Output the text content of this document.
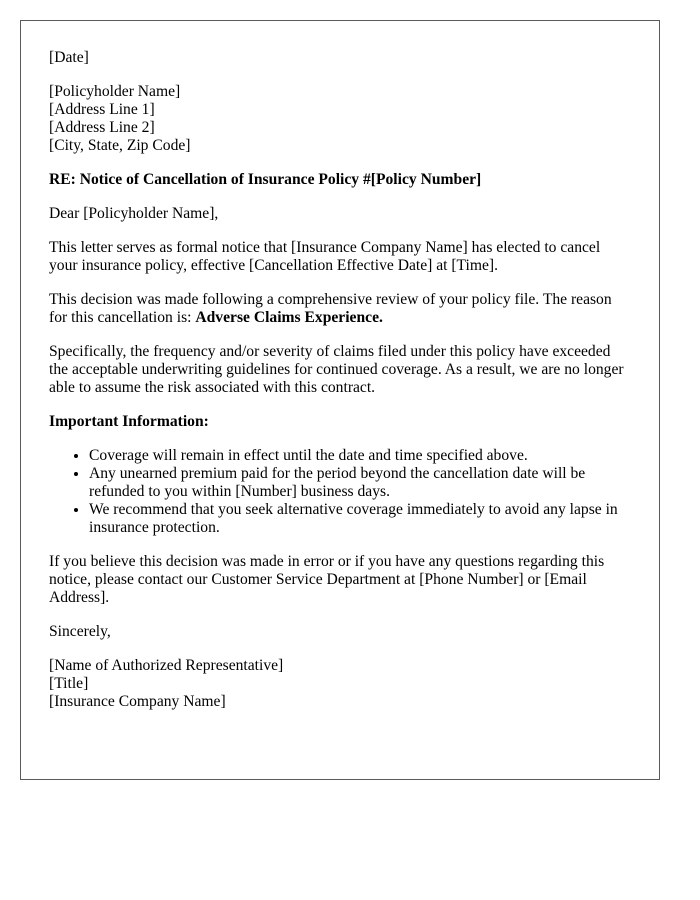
[Date]

[Policyholder Name]
[Address Line 1]
[Address Line 2]
[City, State, Zip Code]

RE: Notice of Cancellation of Insurance Policy #[Policy Number]

Dear [Policyholder Name],

This letter serves as formal notice that [Insurance Company Name] has elected to cancel your insurance policy, effective [Cancellation Effective Date] at [Time].

This decision was made following a comprehensive review of your policy file. The reason for this cancellation is: Adverse Claims Experience.

Specifically, the frequency and/or severity of claims filed under this policy have exceeded the acceptable underwriting guidelines for continued coverage. As a result, we are no longer able to assume the risk associated with this contract.

Important Information:

• Coverage will remain in effect until the date and time specified above.
• Any unearned premium paid for the period beyond the cancellation date will be refunded to you within [Number] business days.
• We recommend that you seek alternative coverage immediately to avoid any lapse in insurance protection.

If you believe this decision was made in error or if you have any questions regarding this notice, please contact our Customer Service Department at [Phone Number] or [Email Address].

Sincerely,

[Name of Authorized Representative]
[Title]
[Insurance Company Name]
